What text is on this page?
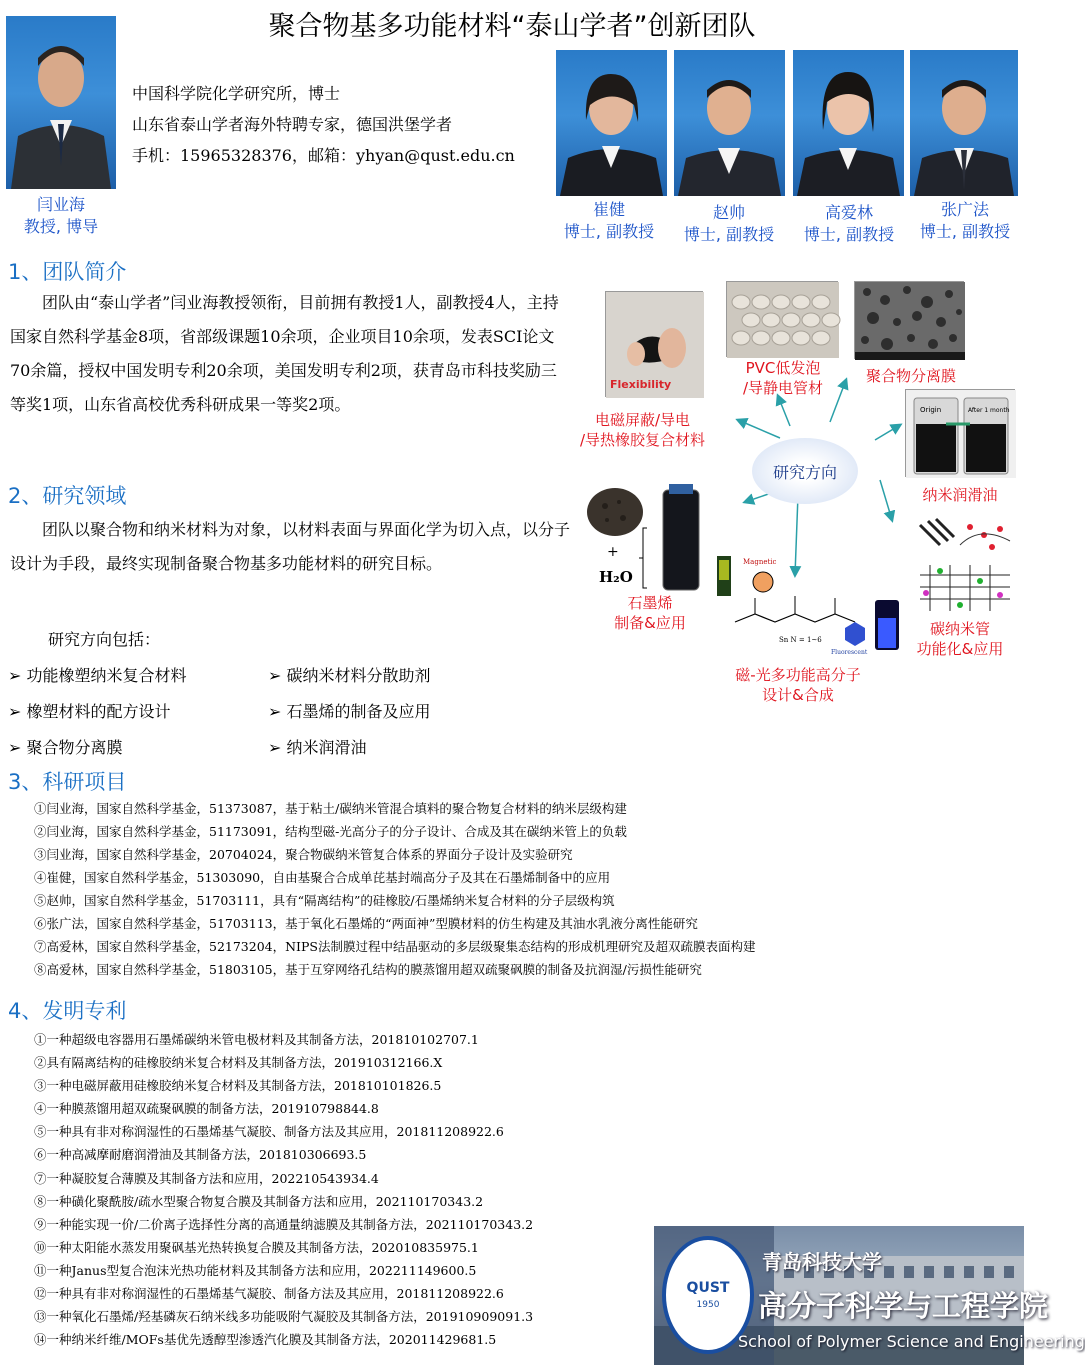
聚合物基多功能材料“泰山学者”创新团队
闫业海
教授, 博导
中国科学院化学研究所，博士
山东省泰山学者海外特聘专家，德国洪堡学者
手机：15965328376，邮箱：yhyan@qust.edu.cn
崔健
博士, 副教授
赵帅
博士, 副教授
高爱林
博士, 副教授
张广法
博士, 副教授
1、团队简介
团队由“泰山学者”闫业海教授领衔，目前拥有教授1人，副教授4人，主持国家自然科学基金8项，省部级课题10余项，企业项目10余项，发表SCI论文70余篇，授权中国发明专利20余项，美国发明专利2项，获青岛市科技奖励三等奖1项，山东省高校优秀科研成果一等奖2项。
2、研究领域
团队以聚合物和纳米材料为对象，以材料表面与界面化学为切入点，以分子设计为手段，最终实现制备聚合物基多功能材料的研究目标。
研究方向包括：
➢ 功能橡塑纳米复合材料
➢ 橡塑材料的配方设计
➢ 聚合物分离膜
➢ 碳纳米材料分散助剂
➢ 石墨烯的制备及应用
➢ 纳米润滑油
研究方向
Flexibility
PVC低发泡
/导静电管材
聚合物分离膜
电磁屏蔽/导电
/导热橡胶复合材料
Origin	After 1 month
纳米润滑油
+
H₂O
石墨烯
制备&应用
Magnetic
Fluorescent
Sn N = 1~6
磁-光多功能高分子
设计&合成
碳纳米管
功能化&应用
3、科研项目
①闫业海，国家自然科学基金，51373087，基于粘土/碳纳米管混合填料的聚合物复合材料的纳米层级构建
②闫业海，国家自然科学基金，51173091，结构型磁-光高分子的分子设计、合成及其在碳纳米管上的负载
③闫业海，国家自然科学基金，20704024，聚合物碳纳米管复合体系的界面分子设计及实验研究
④崔健，国家自然科学基金，51303090，自由基聚合合成单芘基封端高分子及其在石墨烯制备中的应用
⑤赵帅，国家自然科学基金，51703111，具有“隔离结构”的硅橡胶/石墨烯纳米复合材料的分子层级构筑
⑥张广法，国家自然科学基金，51703113，基于氧化石墨烯的“两面神”型膜材料的仿生构建及其油水乳液分离性能研究
⑦高爱林，国家自然科学基金，52173204，NIPS法制膜过程中结晶驱动的多层级聚集态结构的形成机理研究及超双疏膜表面构建
⑧高爱林，国家自然科学基金，51803105，基于互穿网络孔结构的膜蒸馏用超双疏聚砜膜的制备及抗润湿/污损性能研究
4、发明专利
①一种超级电容器用石墨烯碳纳米管电极材料及其制备方法，201810102707.1
②具有隔离结构的硅橡胶纳米复合材料及其制备方法，201910312166.X
③一种电磁屏蔽用硅橡胶纳米复合材料及其制备方法，201810101826.5
④一种膜蒸馏用超双疏聚砜膜的制备方法，201910798844.8
⑤一种具有非对称润湿性的石墨烯基气凝胶、制备方法及其应用，201811208922.6
⑥一种高减摩耐磨润滑油及其制备方法，201810306693.5
⑦一种凝胶复合薄膜及其制备方法和应用，202210543934.4
⑧一种磺化聚酰胺/疏水型聚合物复合膜及其制备方法和应用，202110170343.2
⑨一种能实现一价/二价离子选择性分离的高通量纳滤膜及其制备方法，202110170343.2
⑩一种太阳能水蒸发用聚砜基光热转换复合膜及其制备方法，202010835975.1
⑪一种Janus型复合泡沫光热功能材料及其制备方法和应用，202211149600.5
⑫一种具有非对称润湿性的石墨烯基气凝胶、制备方法及其应用，201811208922.6
⑬一种氧化石墨烯/羟基磷灰石纳米线多功能吸附气凝胶及其制备方法，201910909091.3
⑭一种纳米纤维/MOFs基优先透醇型渗透汽化膜及其制备方法，202011429681.5
QUST
1950
青岛科技大学
高分子科学与工程学院
School of Polymer Science and Engineering
